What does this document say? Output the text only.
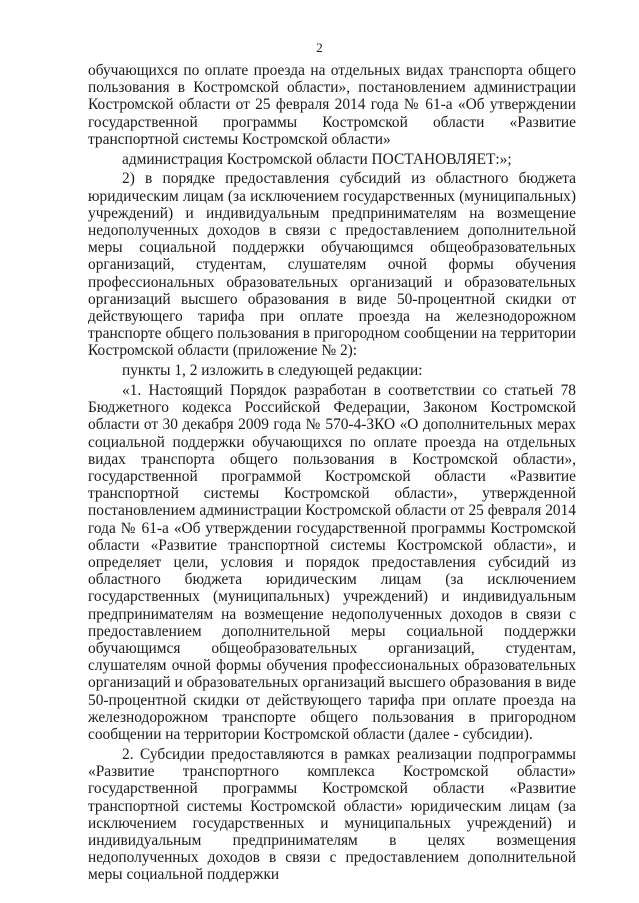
2

обучающихся по оплате проезда на отдельных видах транспорта общего пользования в Костромской области», постановлением администрации Костромской области от 25 февраля 2014 года № 61-а «Об утверждении государственной программы Костромской области «Развитие транспортной системы Костромской области»

администрация Костромской области ПОСТАНОВЛЯЕТ:»;

2) в порядке предоставления субсидий из областного бюджета юридическим лицам (за исключением государственных (муниципальных) учреждений) и индивидуальным предпринимателям на возмещение недополученных доходов в связи с предоставлением дополнительной меры социальной поддержки обучающимся общеобразовательных организаций, студентам, слушателям очной формы обучения профессиональных образовательных организаций и образовательных организаций высшего образования в виде 50-процентной скидки от действующего тарифа при оплате проезда на железнодорожном транспорте общего пользования в пригородном сообщении на территории Костромской области (приложение № 2):

пункты 1, 2 изложить в следующей редакции:

«1. Настоящий Порядок разработан в соответствии со статьей 78 Бюджетного кодекса Российской Федерации, Законом Костромской области от 30 декабря 2009 года № 570-4-ЗКО «О дополнительных мерах социальной поддержки обучающихся по оплате проезда на отдельных видах транспорта общего пользования в Костромской области», государственной программой Костромской области «Развитие транспортной системы Костромской области», утвержденной постановлением администрации Костромской области от 25 февраля 2014 года № 61-а «Об утверждении государственной программы Костромской области «Развитие транспортной системы Костромской области», и определяет цели, условия и порядок предоставления субсидий из областного бюджета юридическим лицам (за исключением государственных (муниципальных) учреждений) и индивидуальным предпринимателям на возмещение недополученных доходов в связи с предоставлением дополнительной меры социальной поддержки обучающимся общеобразовательных организаций, студентам, слушателям очной формы обучения профессиональных образовательных организаций и образовательных организаций высшего образования в виде 50-процентной скидки от действующего тарифа при оплате проезда на железнодорожном транспорте общего пользования в пригородном сообщении на территории Костромской области (далее - субсидии).

2. Субсидии предоставляются в рамках реализации подпрограммы «Развитие транспортного комплекса Костромской области» государственной программы Костромской области «Развитие транспортной системы Костромской области» юридическим лицам (за исключением государственных и муниципальных учреждений) и индивидуальным предпринимателям в целях возмещения недополученных доходов в связи с предоставлением дополнительной меры социальной поддержки
